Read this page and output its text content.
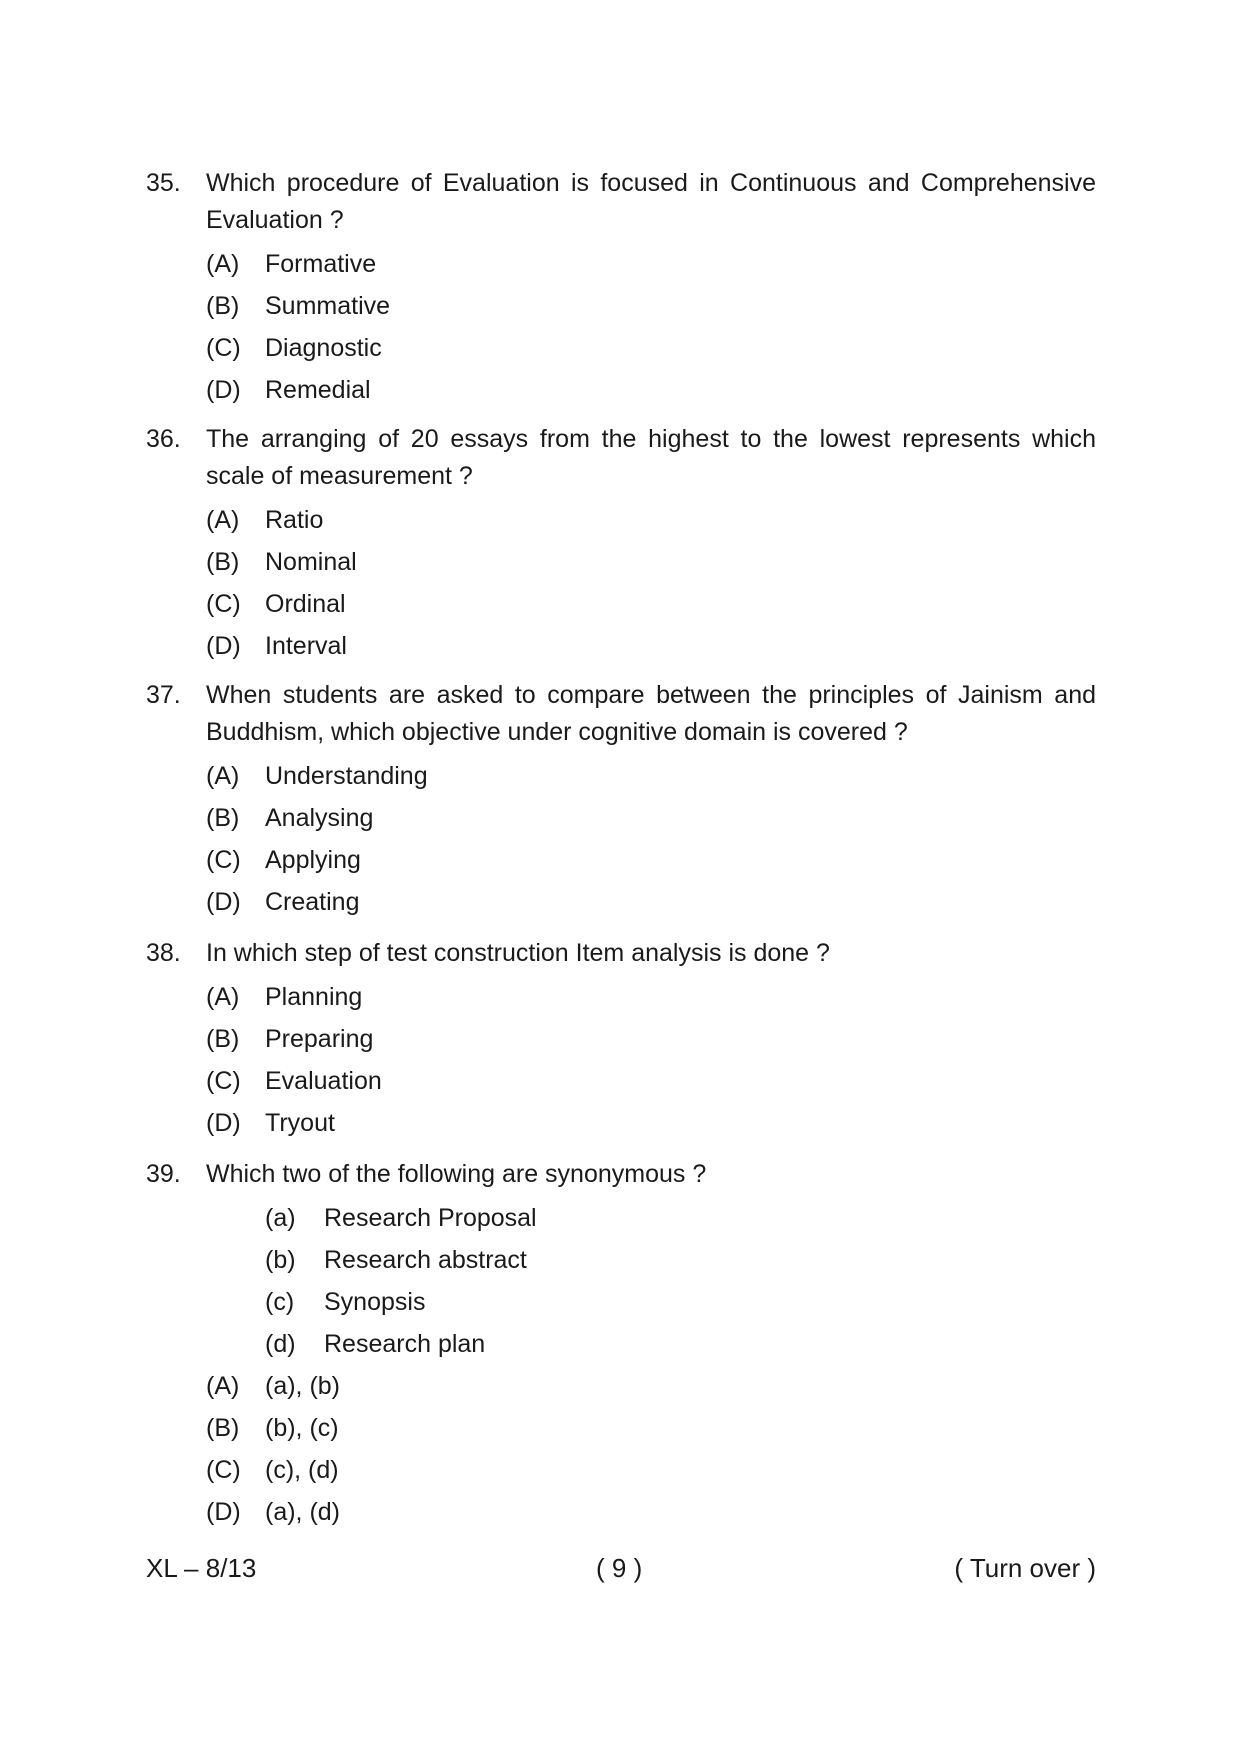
35. Which procedure of Evaluation is focused in Continuous and Comprehensive Evaluation ?
(A) Formative
(B) Summative
(C) Diagnostic
(D) Remedial
36. The arranging of 20 essays from the highest to the lowest represents which scale of measurement ?
(A) Ratio
(B) Nominal
(C) Ordinal
(D) Interval
37. When students are asked to compare between the principles of Jainism and Buddhism, which objective under cognitive domain is covered ?
(A) Understanding
(B) Analysing
(C) Applying
(D) Creating
38. In which step of test construction Item analysis is done ?
(A) Planning
(B) Preparing
(C) Evaluation
(D) Tryout
39. Which two of the following are synonymous ?
(a) Research Proposal
(b) Research abstract
(c) Synopsis
(d) Research plan
(A) (a), (b)
(B) (b), (c)
(C) (c), (d)
(D) (a), (d)
XL – 8/13	( 9 )	( Turn over )
